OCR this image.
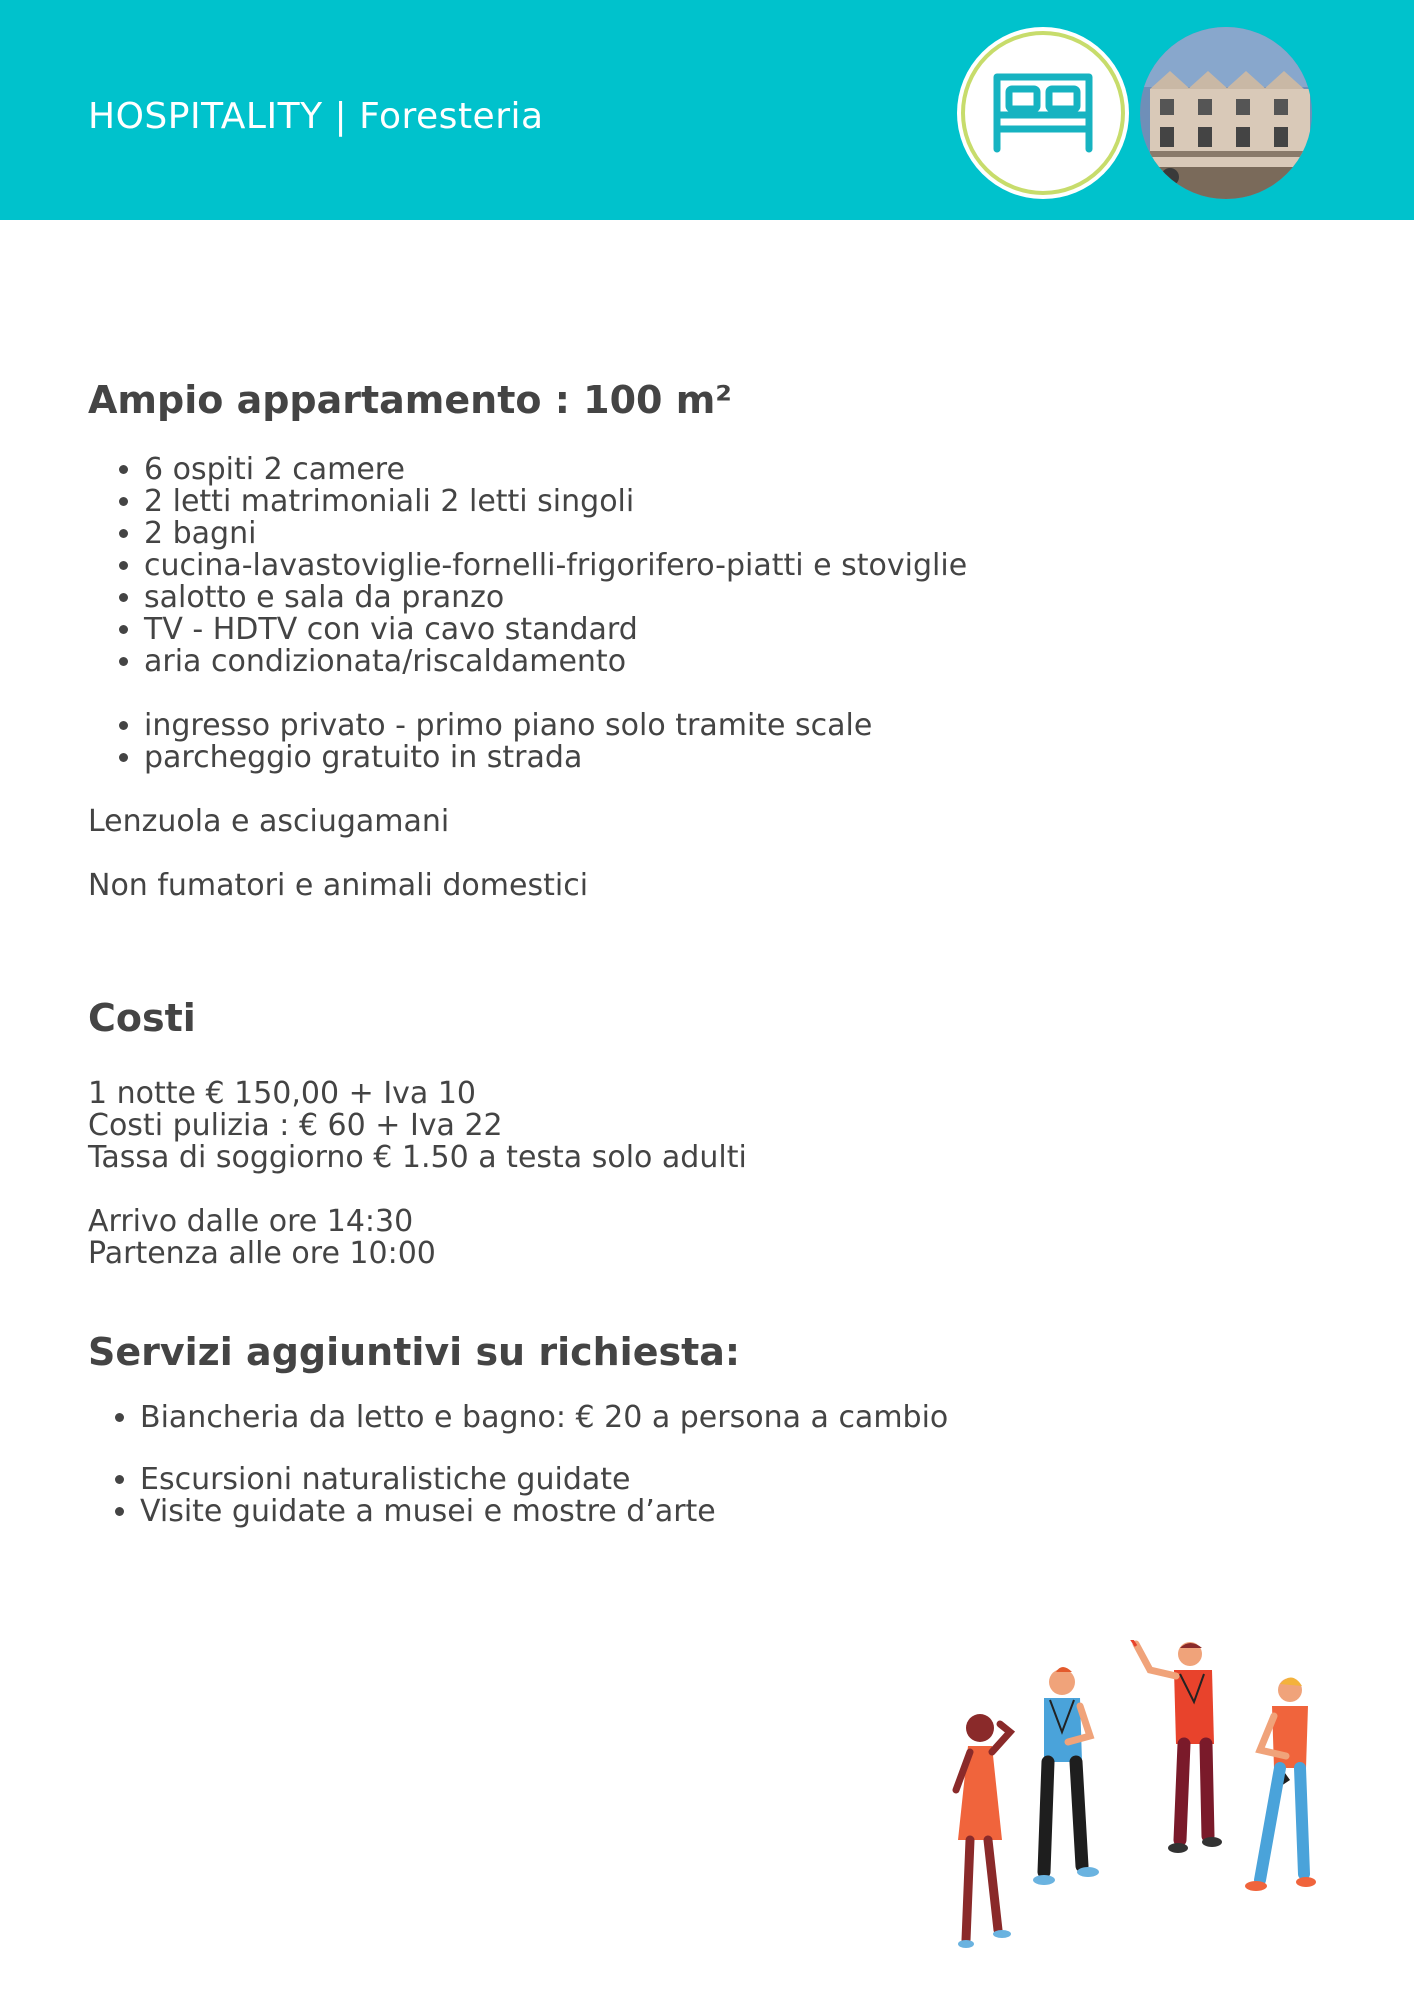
HOSPITALITY | Foresteria
Ampio appartamento : 100 m²
• 6 ospiti 2 camere
• 2 letti matrimoniali 2 letti singoli
• 2 bagni
• cucina-lavastoviglie-fornelli-frigorifero-piatti e stoviglie
• salotto e sala da pranzo
• TV - HDTV con via cavo standard
• aria condizionata/riscaldamento
• ingresso privato - primo piano solo tramite scale
• parcheggio gratuito in strada

Lenzuola e asciugamani

Non fumatori e animali domestici

Costi

1 notte € 150,00 + Iva 10

Costi pulizia : € 60 + Iva 22

Tassa di soggiorno € 1.50 a testa solo adulti

Arrivo dalle ore 14:30

Partenza alle ore 10:00

Servizi aggiuntivi su richiesta:
• Biancheria da letto e bagno: € 20 a persona a cambio
• Escursioni naturalistiche guidate
• Visite guidate a musei e mostre d’arte
